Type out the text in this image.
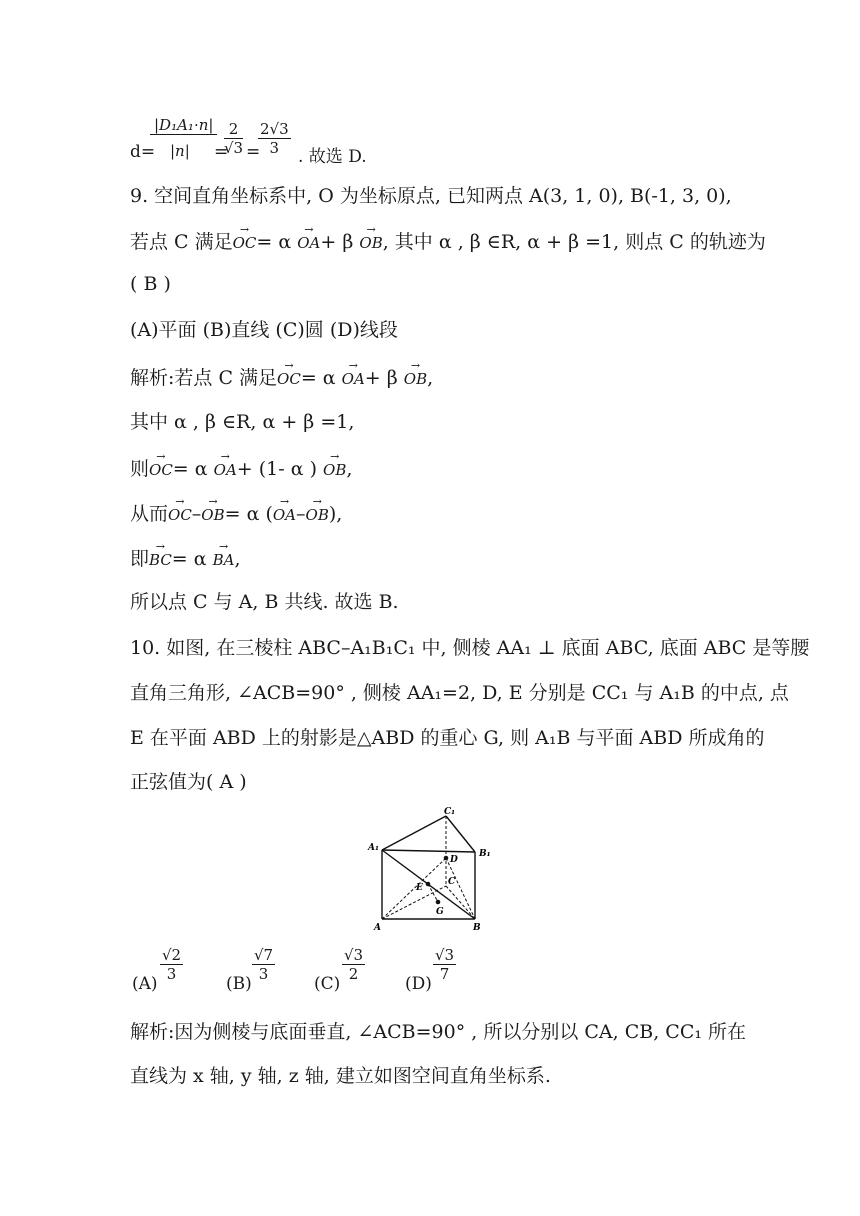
d=
|D₁A₁·n|
|n| =
$\frac{2}{√3}$ =
$\frac{2√3}{3}$ . 故选 D.
9. 空间直角坐标系中, O 为坐标原点, 已知两点 A(3, 1, 0), B(-1, 3, 0),
若点 C 满足→ OC= α → OA+ β → OB, 其中 α , β ∈R, α + β =1, 则点 C 的轨迹为
( B )
(A)平面 (B)直线 (C)圆 (D)线段
解析:若点 C 满足→ OC= α → OA+ β → OB,
其中 α , β ∈R, α + β =1,
则→ OC= α → OA+ (1- α ) → OB,
从而→ OC–→ OB= α (→ OA–→ OB),
即→ BC= α → BA,
所以点 C 与 A, B 共线. 故选 B.
10. 如图, 在三棱柱 ABC–A₁B₁C₁ 中, 侧棱 AA₁ ⊥ 底面 ABC, 底面 ABC 是等腰
直角三角形, ∠ACB=90° , 侧棱 AA₁=2, D, E 分别是 CC₁ 与 A₁B 的中点, 点
E 在平面 ABD 上的射影是△ABD 的重心 G, 则 A₁B 与平面 ABD 所成角的
正弦值为( A )
A₁
C₁
B₁
D
C
E
G
A	B
(A)
$\frac{√2}{3}$
(B)
$\frac{√7}{3}$
(C)
$\frac{√3}{2}$
(D)
$\frac{√3}{7}$
解析:因为侧棱与底面垂直, ∠ACB=90° , 所以分别以 CA, CB, CC₁ 所在
直线为 x 轴, y 轴, z 轴, 建立如图空间直角坐标系.
